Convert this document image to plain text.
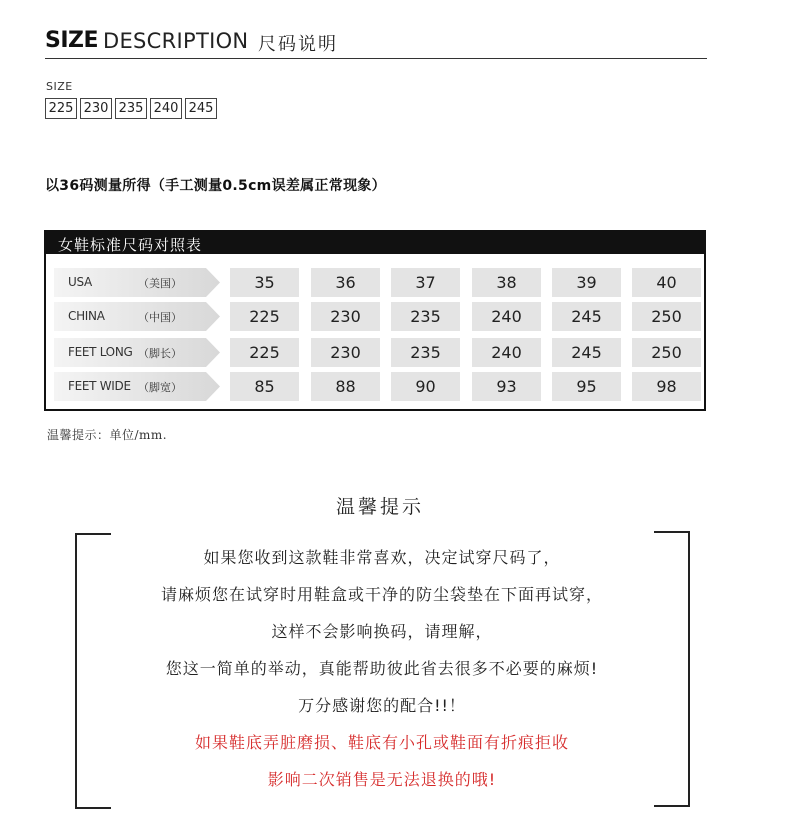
SIZE DESCRIPTION 尺码说明
SIZE
225 230 235 240 245
以36码测量所得（手工测量0.5cm误差属正常现象）
女鞋标准尺码对照表
USA	（美国）	35	36	37	38	39	40
CHINA	（中国）	225	230	235	240	245	250
FEET LONG （脚长）	225	230	235	240	245	250
FEET WIDE （脚宽）	85	88	90	93	95	98
温馨提示：单位/mm.
温馨提示
如果您收到这款鞋非常喜欢，决定试穿尺码了，
请麻烦您在试穿时用鞋盒或干净的防尘袋垫在下面再试穿，
这样不会影响换码，请理解，
您这一简单的举动，真能帮助彼此省去很多不必要的麻烦!
万分感谢您的配合!!！
如果鞋底弄脏磨损、鞋底有小孔或鞋面有折痕拒收
影响二次销售是无法退换的哦!
